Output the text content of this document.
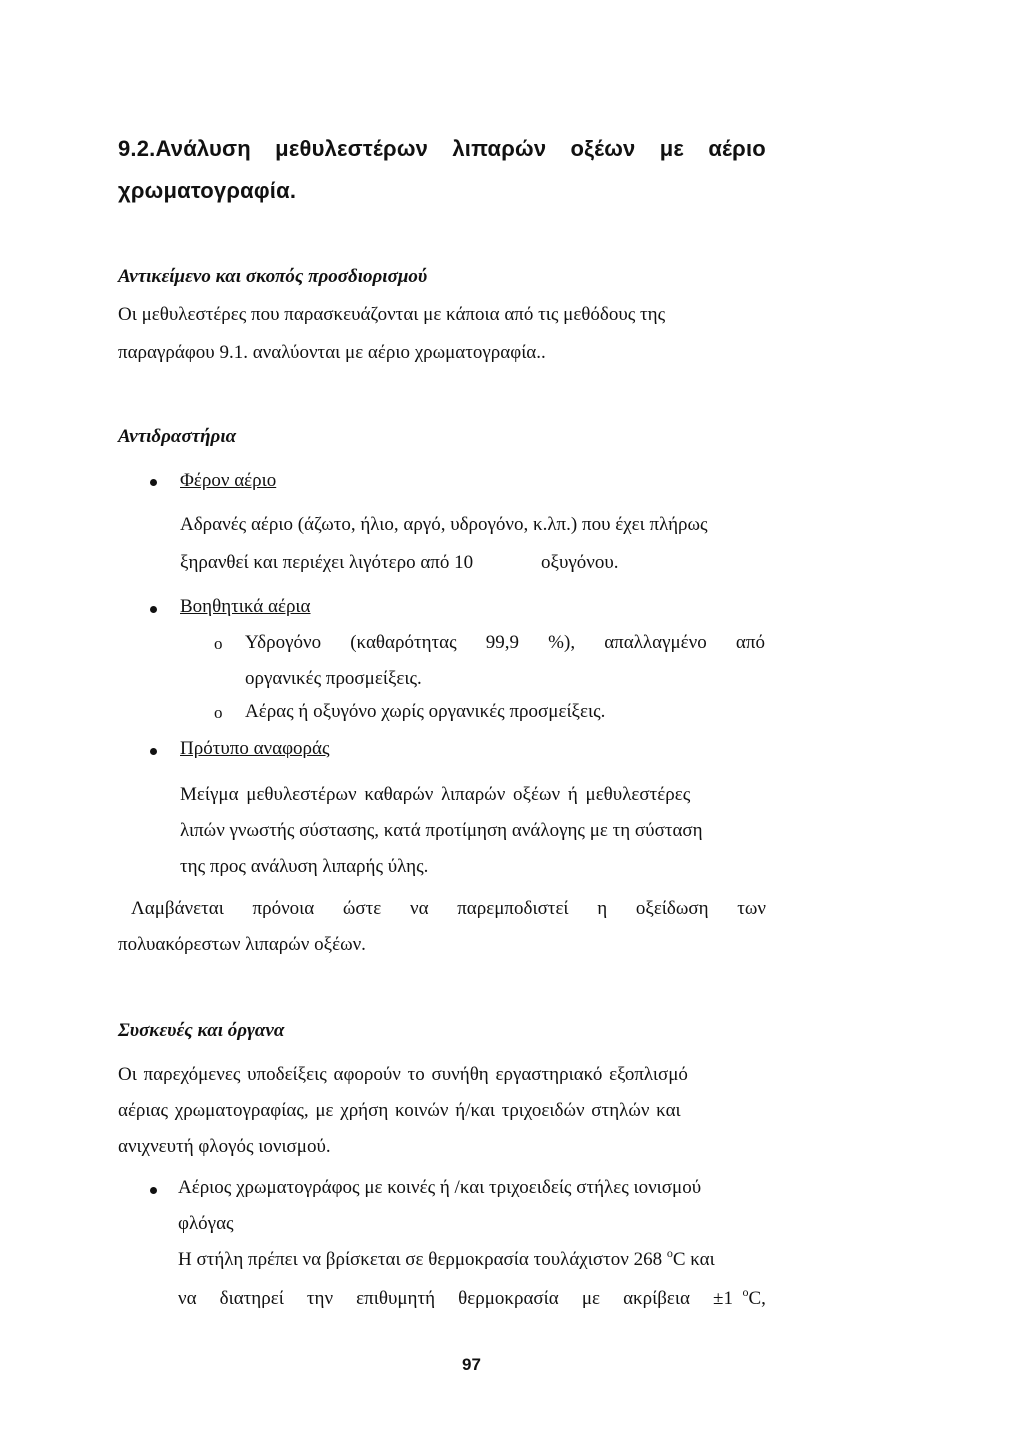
9.2.Ανάλυση μεθυλεστέρων λιπαρών οξέων με αέριο
χρωματογραφία.
Αντικείμενο και σκοπός προσδιορισμού
Οι μεθυλεστέρες που παρασκευάζονται με κάποια από τις μεθόδους της
παραγράφου 9.1. αναλύονται με αέριο χρωματογραφία..
Αντιδραστήρια
Φέρον αέριο
Αδρανές αέριο (άζωτο, ήλιο, αργό, υδρογόνο, κ.λπ.) που έχει πλήρως
ξηρανθεί και περιέχει λιγότερο από 10	οξυγόνου.
Βοηθητικά αέρια
o Υδρογόνο (καθαρότητας 99,9 %), απαλλαγμένο από
οργανικές προσμείξεις.
o Αέρας ή οξυγόνο χωρίς οργανικές προσμείξεις.
Πρότυπο αναφοράς
Μείγμα μεθυλεστέρων καθαρών λιπαρών οξέων ή μεθυλεστέρες
λιπών γνωστής σύστασης, κατά προτίμηση ανάλογης με τη σύσταση
της προς ανάλυση λιπαρής ύλης.
Λαμβάνεται πρόνοια ώστε να παρεμποδιστεί η οξείδωση των
πολυακόρεστων λιπαρών οξέων.
Συσκευές και όργανα
Οι παρεχόμενες υποδείξεις αφορούν το συνήθη εργαστηριακό εξοπλισμό
αέριας χρωματογραφίας, με χρήση κοινών ή/και τριχοειδών στηλών και
ανιχνευτή φλογός ιονισμού.
Αέριος χρωματογράφος με κοινές ή /και τριχοειδείς στήλες ιονισμού
φλόγας
Η στήλη πρέπει να βρίσκεται σε θερμοκρασία τουλάχιστον 268 $^o$C και
να διατηρεί την επιθυμητή θερμοκρασία με ακρίβεια ±1 $^o$C,
97
